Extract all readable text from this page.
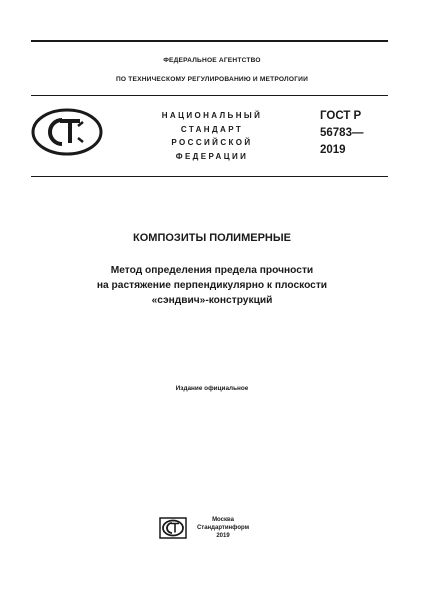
ФЕДЕРАЛЬНОЕ АГЕНТСТВО
ПО ТЕХНИЧЕСКОМУ РЕГУЛИРОВАНИЮ И МЕТРОЛОГИИ
НАЦИОНАЛЬНЫЙ
СТАНДАРТ
РОССИЙСКОЙ
ФЕДЕРАЦИИ
ГОСТ Р
56783—
2019
КОМПОЗИТЫ ПОЛИМЕРНЫЕ
Метод определения предела прочности
на растяжение перпендикулярно к плоскости
«сэндвич»-конструкций
Издание официальное
Москва
Стандартинформ
2019
